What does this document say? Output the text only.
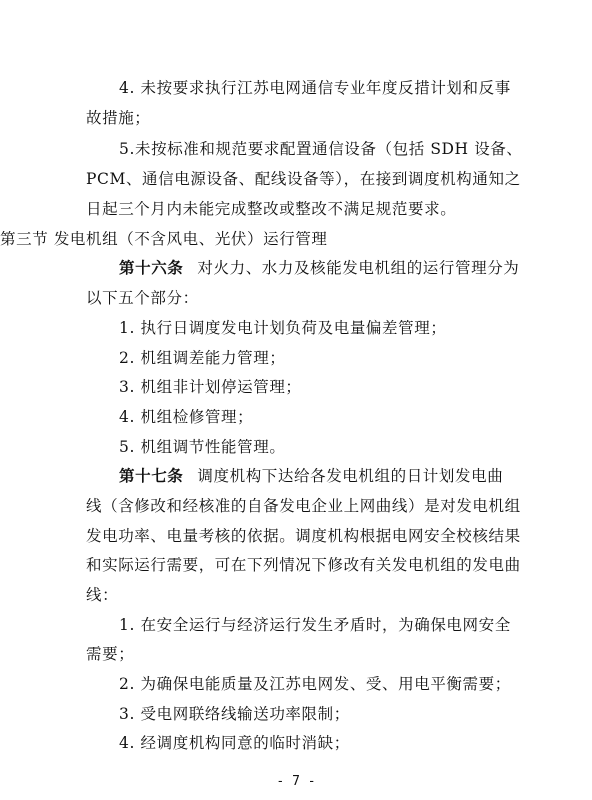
4. 未按要求执行江苏电网通信专业年度反措计划和反事
故措施；
5.未按标准和规范要求配置通信设备（包括 SDH 设备、
PCM、通信电源设备、配线设备等），在接到调度机构通知之
日起三个月内未能完成整改或整改不满足规范要求。
第三节 发电机组（不含风电、光伏）运行管理
第十六条 对火力、水力及核能发电机组的运行管理分为
以下五个部分：
1. 执行日调度发电计划负荷及电量偏差管理；
2. 机组调差能力管理；
3. 机组非计划停运管理；
4. 机组检修管理；
5. 机组调节性能管理。
第十七条 调度机构下达给各发电机组的日计划发电曲
线（含修改和经核准的自备发电企业上网曲线）是对发电机组
发电功率、电量考核的依据。调度机构根据电网安全校核结果
和实际运行需要，可在下列情况下修改有关发电机组的发电曲
线：
1. 在安全运行与经济运行发生矛盾时，为确保电网安全
需要；
2. 为确保电能质量及江苏电网发、受、用电平衡需要；
3. 受电网联络线输送功率限制；
4. 经调度机构同意的临时消缺；
- 7 -
